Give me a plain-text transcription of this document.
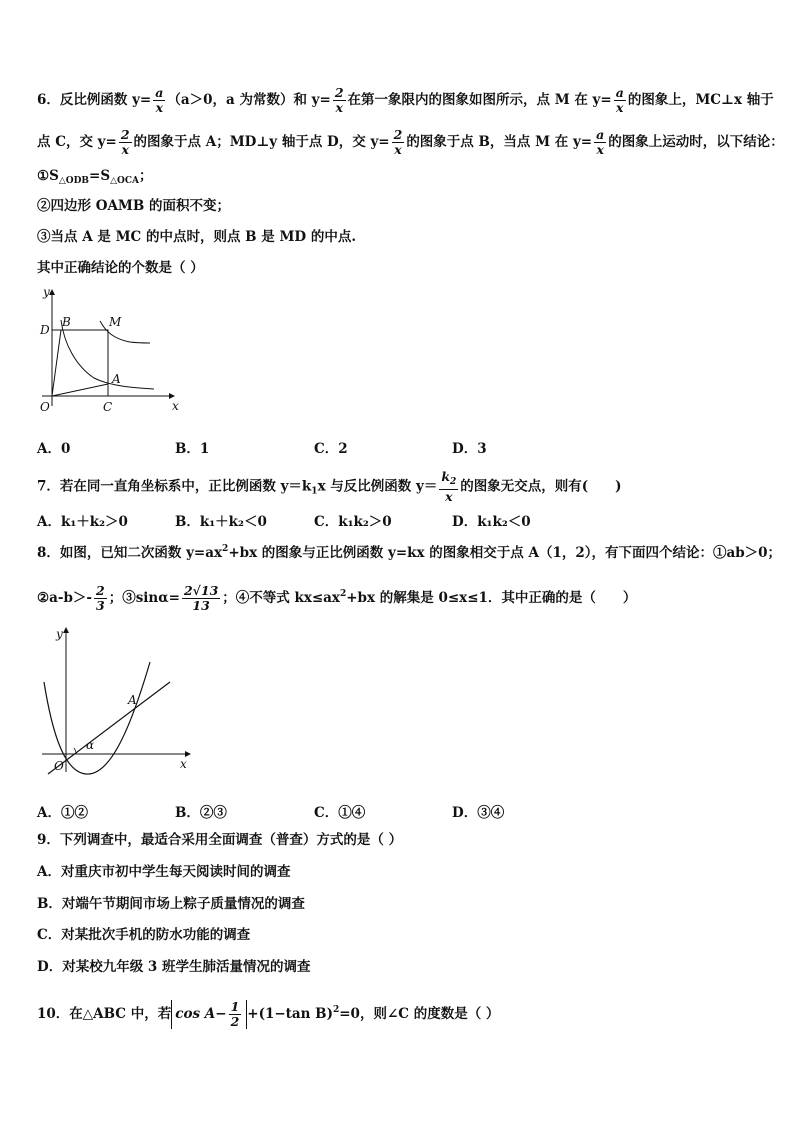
6．反比例函数 $y= \frac{a}{x} (a>0$，a 为常数）和 $y= \frac{2}{x}$ 在第一象限内的图象如图所示，点 M 在 $y= \frac{a}{x}$ 的图象上，MC⊥x 轴于
点 C，交 $y= \frac{2}{x}$ 的图象于点 A；MD⊥y 轴于点 D，交 $y= \frac{2}{x}$ 的图象于点 B，当点 M 在 $y= \frac{a}{x}$ 的图象上运动时，以下结论：
$①S_{\triangle ODB}=S_{\triangle OCA}$；
②四边形 OAMB 的面积不变；
③当点 A 是 MC 的中点时，则点 B 是 MD 的中点.
其中正确结论的个数是（ ）
y
x
O
D
B	M
A
C
A．0	B．1	C．2	D．3
7．若在同一直角坐标系中，正比例函数 $y=k_1x$ 与反比例函数 $y= \frac{k_2}{x}$ 的图象无交点，则有(　　)
A．k₁＋k₂＞0	B．k₁＋k₂＜0	C．k₁k₂＞0	D．k₁k₂＜0
8．如图，已知二次函数 $y=ax^2+bx$ 的图象与正比例函数 y=kx 的图象相交于点 A（1，2），有下面四个结论：①ab＞0；
②a-b＞- $\frac{2}{3}$ ；③sinα= $\frac{2√13}{13}$ ；④不等式 $kx\le ax^2+bx$ 的解集是 0≤x≤1．其中正确的是（　　）
y
x
O
A
α
A．①②	B．②③	C．①④	D．③④
9．下列调查中，最适合采用全面调查（普查）方式的是（ ）
A．对重庆市初中学生每天阅读时间的调查
B．对端午节期间市场上粽子质量情况的调查
C．对某批次手机的防水功能的调查
D．对某校九年级 3 班学生肺活量情况的调查
10．在△ABC 中，若 $\cos A- \frac{1}{2} +(1-\tan$ B)$^2$=0，则∠C 的度数是（ ）
